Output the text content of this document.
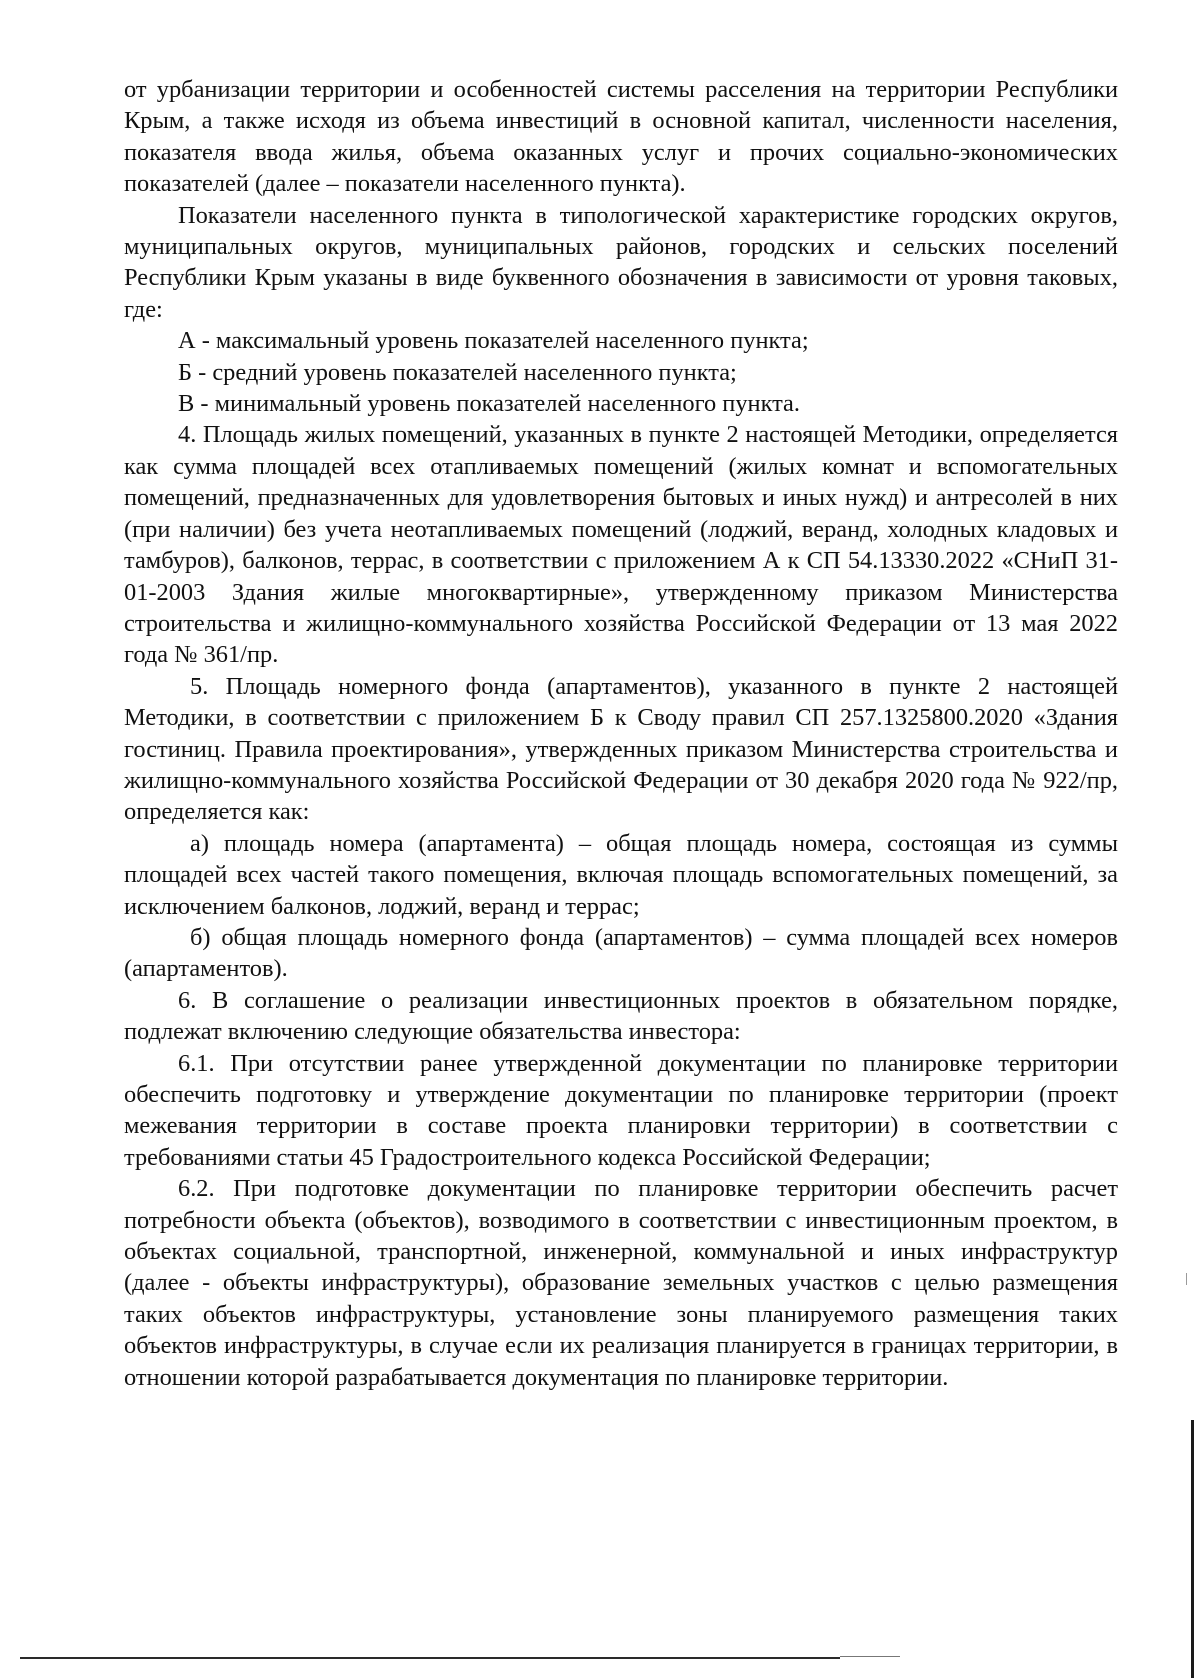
от урбанизации территории и особенностей системы расселения на территории Республики Крым, а также исходя из объема инвестиций в основной капитал, численности населения, показателя ввода жилья, объема оказанных услуг и прочих социально-экономических показателей (далее – показатели населенного пункта).

Показатели населенного пункта в типологической характеристике городских округов, муниципальных округов, муниципальных районов, городских и сельских поселений Республики Крым указаны в виде буквенного обозначения в зависимости от уровня таковых, где:

А - максимальный уровень показателей населенного пункта;

Б - средний уровень показателей населенного пункта;

В - минимальный уровень показателей населенного пункта.

4. Площадь жилых помещений, указанных в пункте 2 настоящей Методики, определяется как сумма площадей всех отапливаемых помещений (жилых комнат и вспомогательных помещений, предназначенных для удовлетворения бытовых и иных нужд) и антресолей в них (при наличии) без учета неотапливаемых помещений (лоджий, веранд, холодных кладовых и тамбуров), балконов, террас, в соответствии с приложением А к СП 54.13330.2022 «СНиП 31-01-2003 Здания жилые многоквартирные», утвержденному приказом Министерства строительства и жилищно-коммунального хозяйства Российской Федерации от 13 мая 2022 года № 361/пр.

5. Площадь номерного фонда (апартаментов), указанного в пункте 2 настоящей Методики, в соответствии с приложением Б к Своду правил СП 257.1325800.2020 «Здания гостиниц. Правила проектирования», утвержденных приказом Министерства строительства и жилищно-коммунального хозяйства Российской Федерации от 30 декабря 2020 года № 922/пр, определяется как:

а) площадь номера (апартамента) – общая площадь номера, состоящая из суммы площадей всех частей такого помещения, включая площадь вспомогательных помещений, за исключением балконов, лоджий, веранд и террас;

б) общая площадь номерного фонда (апартаментов) – сумма площадей всех номеров (апартаментов).

6. В соглашение о реализации инвестиционных проектов в обязательном порядке, подлежат включению следующие обязательства инвестора:

6.1. При отсутствии ранее утвержденной документации по планировке территории обеспечить подготовку и утверждение документации по планировке территории (проект межевания территории в составе проекта планировки территории) в соответствии с требованиями статьи 45 Градостроительного кодекса Российской Федерации;

6.2. При подготовке документации по планировке территории обеспечить расчет потребности объекта (объектов), возводимого в соответствии с инвестиционным проектом, в объектах социальной, транспортной, инженерной, коммунальной и иных инфраструктур (далее - объекты инфраструктуры), образование земельных участков с целью размещения таких объектов инфраструктуры, установление зоны планируемого размещения таких объектов инфраструктуры, в случае если их реализация планируется в границах территории, в отношении которой разрабатывается документация по планировке территории.
